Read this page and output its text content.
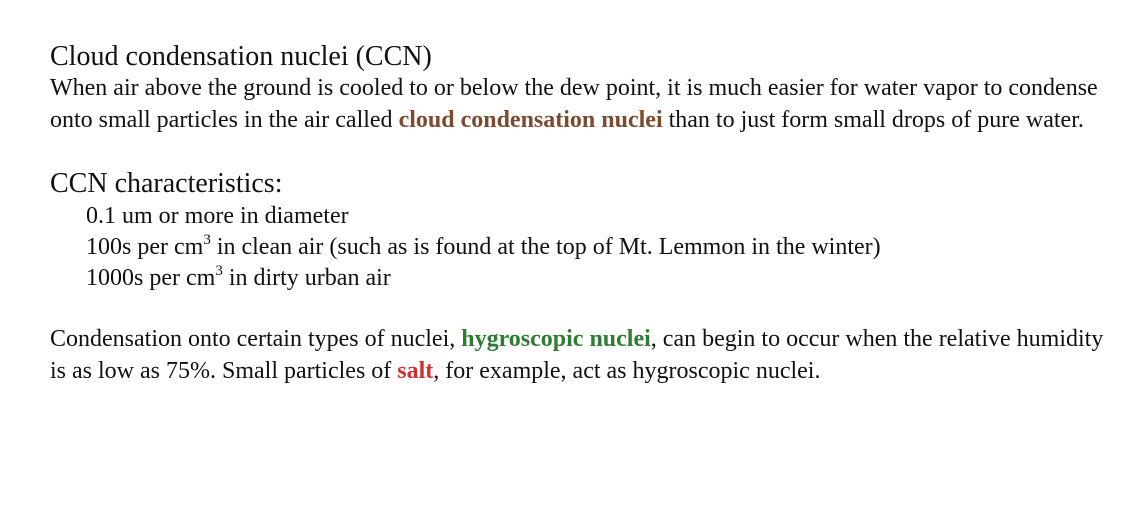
Cloud condensation nuclei (CCN)

When air above the ground is cooled to or below the dew point, it is much easier for water vapor to condense onto small particles in the air called cloud condensation nuclei than to just form small drops of pure water.

CCN characteristics:
0.1 um or more in diameter
100s per $cm^3$ in clean air (such as is found at the top of Mt. Lemmon in the winter)
1000s per $cm^3$ in dirty urban air

Condensation onto certain types of nuclei, hygroscopic nuclei, can begin to occur when the relative humidity is as low as 75%. Small particles of salt, for example, act as hygroscopic nuclei.
